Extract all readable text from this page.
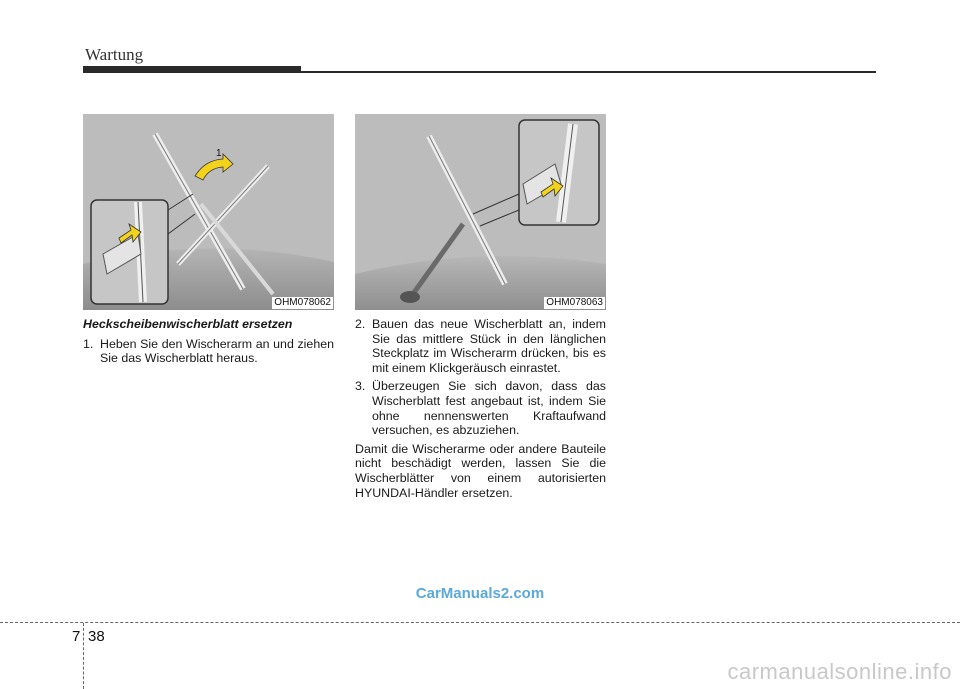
Wartung
1
OHM078062	OHM078063
Heckscheibenwischerblatt ersetzen
1. Heben Sie den Wischerarm an und ziehen Sie das Wischerblatt heraus.
2. Bauen das neue Wischerblatt an, indem Sie das mittlere Stück in den länglichen Steckplatz im Wischerarm drücken, bis es mit einem Klickgeräusch einrastet.
3. Überzeugen Sie sich davon, dass das Wischerblatt fest angebaut ist, indem Sie ohne nennenswerten Kraftaufwand versuchen, es abzuziehen.
Damit die Wischerarme oder andere Bauteile nicht beschädigt werden, lassen Sie die Wischerblätter von einem autorisierten HYUNDAI-Händler ersetzen.
CarManuals2.com
7 38
carmanualsonline.info
